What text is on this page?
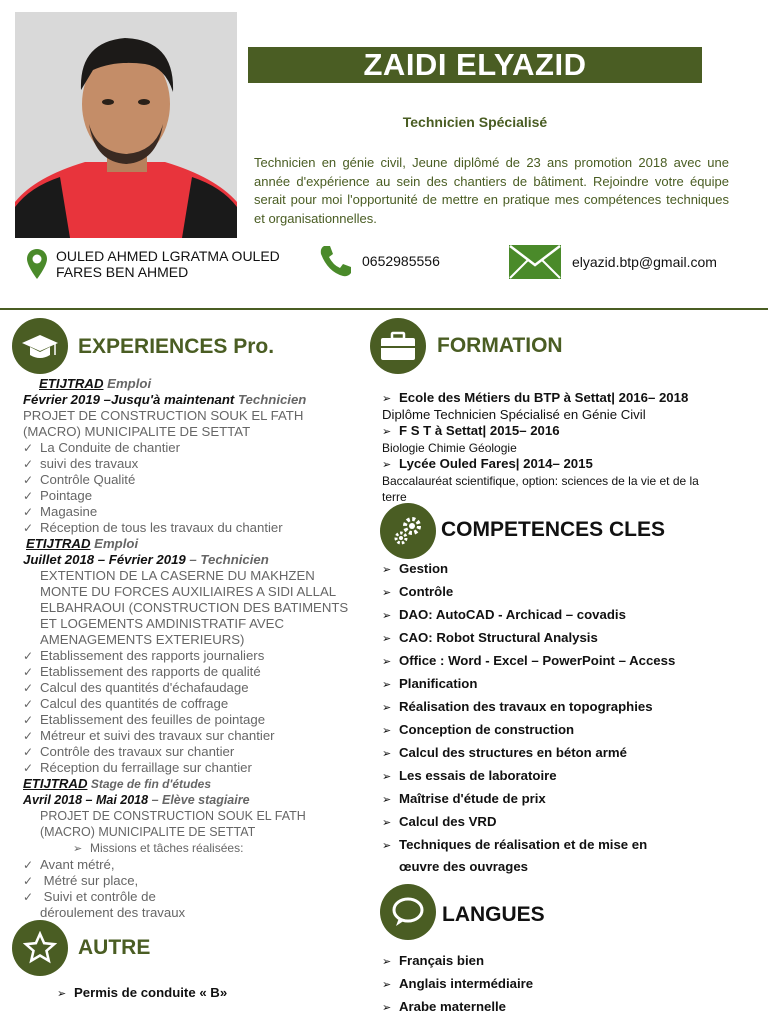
ZAIDI ELYAZID
Technicien Spécialisé
Technicien en génie civil, Jeune diplômé de 23 ans promotion 2018 avec une année d'expérience au sein des chantiers de bâtiment. Rejoindre votre équipe serait pour moi l'opportunité de mettre en pratique mes compétences techniques et organisationnelles.
OULED AHMED LGRATMA OULED
FARES BEN AHMED
0652985556	elyazid.btp@gmail.com
EXPERIENCES Pro.
ETIJTRAD Emploi
Février 2019 –Jusqu'à maintenant Technicien
PROJET DE CONSTRUCTION SOUK EL FATH
(MACRO) MUNICIPALITE DE SETTAT
✓ La Conduite de chantier
✓ suivi des travaux
✓ Contrôle Qualité
✓ Pointage
✓ Magasine
✓ Réception de tous les travaux du chantier
ETIJTRAD Emploi
Juillet 2018 – Février 2019 – Technicien
EXTENTION DE LA CASERNE DU MAKHZEN
MONTE DU FORCES AUXILIAIRES A SIDI ALLAL
ELBAHRAOUI (CONSTRUCTION DES BATIMENTS
ET LOGEMENTS AMDINISTRATIF AVEC
AMENAGEMENTS EXTERIEURS)
✓ Etablissement des rapports journaliers
✓ Etablissement des rapports de qualité
✓ Calcul des quantités d'échafaudage
✓ Calcul des quantités de coffrage
✓ Etablissement des feuilles de pointage
✓ Métreur et suivi des travaux sur chantier
✓ Contrôle des travaux sur chantier
✓ Réception du ferraillage sur chantier
ETIJTRAD Stage de fin d'études
Avril 2018 – Mai 2018 – Elève stagiaire
PROJET DE CONSTRUCTION SOUK EL FATH
(MACRO) MUNICIPALITE DE SETTAT
➢ Missions et tâches réalisées:
✓ Avant métré,
✓ Métré sur place,
✓ Suivi et contrôle de
déroulement des travaux
AUTRE
➢ Permis de conduite « B»
FORMATION
➢ Ecole des Métiers du BTP à Settat| 2016– 2018
Diplôme Technicien Spécialisé en Génie Civil
➢ F S T à Settat| 2015– 2016
Biologie Chimie Géologie
➢ Lycée Ouled Fares| 2014– 2015
Baccalauréat scientifique, option: sciences de la vie et de la
terre
COMPETENCES CLES
➢ Gestion
➢ Contrôle
➢ DAO: AutoCAD - Archicad – covadis
➢ CAO: Robot Structural Analysis
➢ Office : Word - Excel – PowerPoint – Access
➢ Planification
➢ Réalisation des travaux en topographies
➢ Conception de construction
➢ Calcul des structures en béton armé
➢ Les essais de laboratoire
➢ Maîtrise d'étude de prix
➢ Calcul des VRD
➢ Techniques de réalisation et de mise en
œuvre des ouvrages
LANGUES
➢ Français bien
➢ Anglais intermédiaire
➢ Arabe maternelle
